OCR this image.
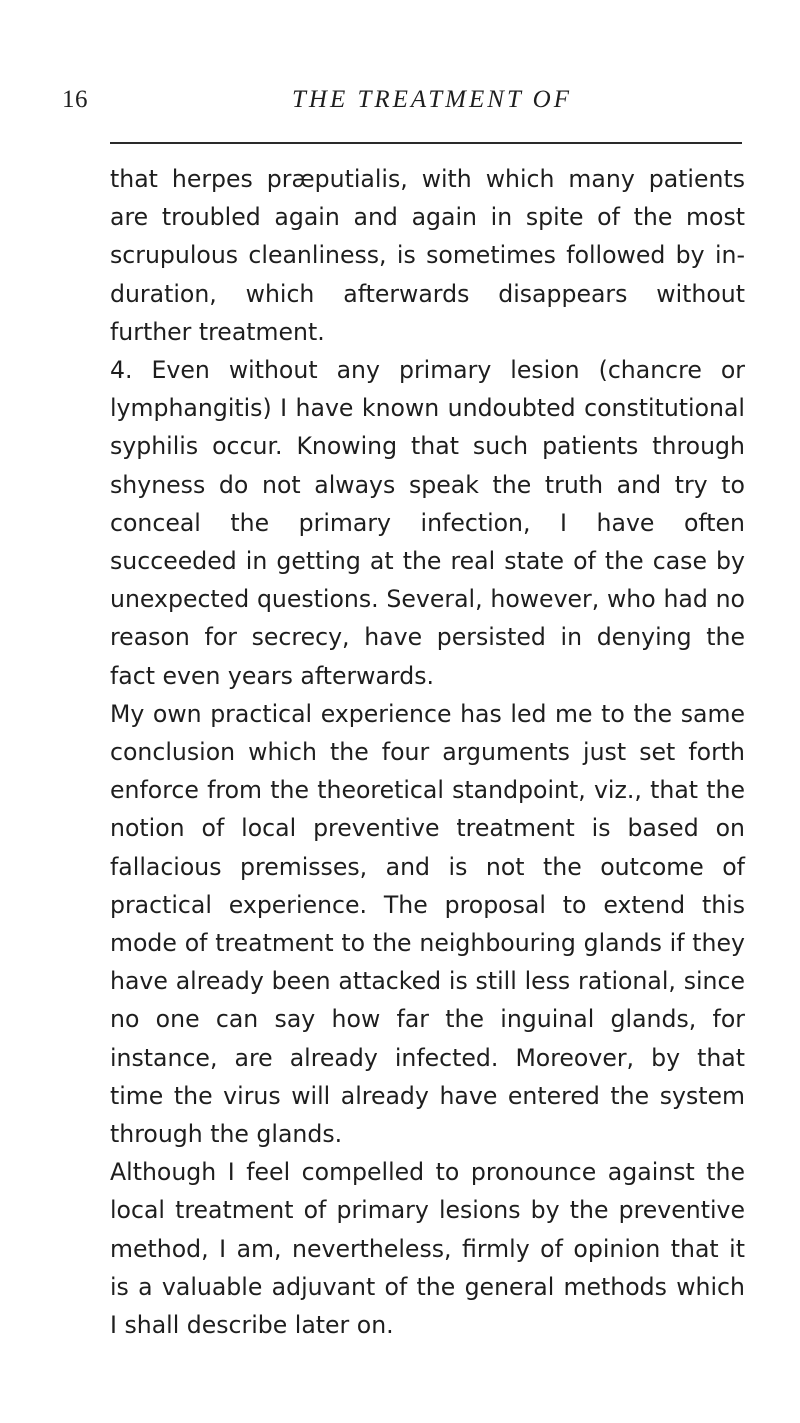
16	THE TREATMENT OF

that herpes præputialis, with which many patients are troubled again and again in spite of the most scrupulous cleanliness, is sometimes followed by in-duration, which afterwards disappears without further treatment.

4. Even without any primary lesion (chancre or lymphangitis) I have known undoubted constitutional syphilis occur. Knowing that such patients through shyness do not always speak the truth and try to conceal the primary infection, I have often succeeded in getting at the real state of the case by unexpected questions. Several, however, who had no reason for secrecy, have persisted in denying the fact even years afterwards.

My own practical experience has led me to the same conclusion which the four arguments just set forth enforce from the theoretical standpoint, viz., that the notion of local preventive treatment is based on fallacious premisses, and is not the outcome of practical experience. The proposal to extend this mode of treatment to the neighbouring glands if they have already been attacked is still less rational, since no one can say how far the inguinal glands, for instance, are already infected. Moreover, by that time the virus will already have entered the system through the glands.

Although I feel compelled to pronounce against the local treatment of primary lesions by the preventive method, I am, nevertheless, firmly of opinion that it is a valuable adjuvant of the general methods which I shall describe later on.
